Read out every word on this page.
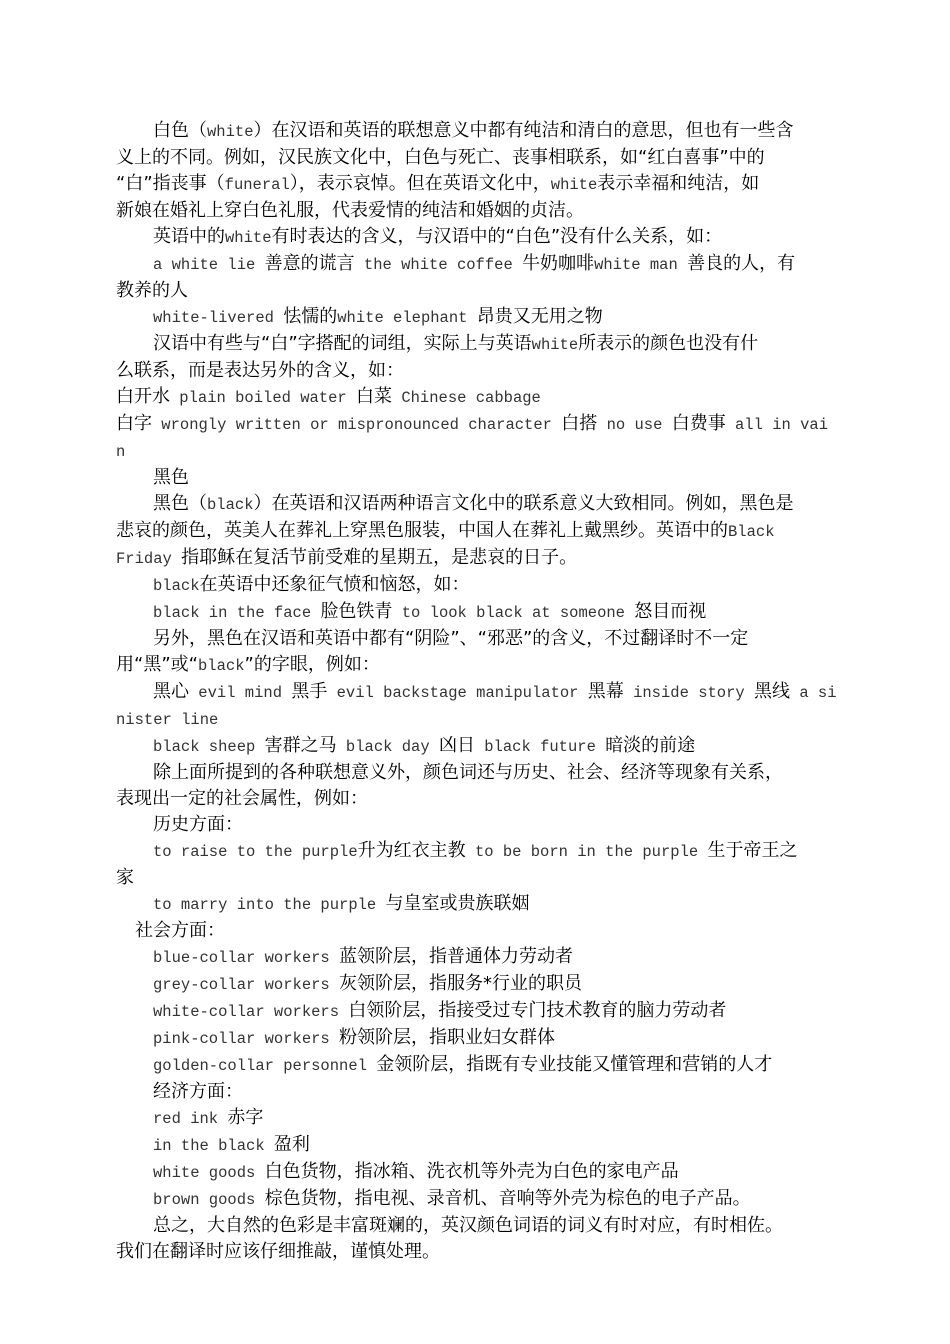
白色（white）在汉语和英语的联想意义中都有纯洁和清白的意思，但也有一些含

义上的不同。例如，汉民族文化中，白色与死亡、丧事相联系，如“红白喜事”中的

“白”指丧事（funeral），表示哀悼。但在英语文化中，white表示幸福和纯洁，如

新娘在婚礼上穿白色礼服，代表爱情的纯洁和婚姻的贞洁。

英语中的white有时表达的含义，与汉语中的“白色”没有什么关系，如：

a white lie 善意的谎言 the white coffee 牛奶咖啡white man 善良的人，有

教养的人

white-livered 怯懦的white elephant 昂贵又无用之物

汉语中有些与“白”字搭配的词组，实际上与英语white所表示的颜色也没有什

么联系，而是表达另外的含义，如：

白开水 plain boiled water 白菜 Chinese cabbage

白字 wrongly written or mispronounced character 白搭 no use 白费事 all in vai

n

黑色

黑色（black）在英语和汉语两种语言文化中的联系意义大致相同。例如，黑色是

悲哀的颜色，英美人在葬礼上穿黑色服装，中国人在葬礼上戴黑纱。英语中的Black

Friday 指耶稣在复活节前受难的星期五，是悲哀的日子。

black在英语中还象征气愤和恼怒，如：

black in the face 脸色铁青 to look black at someone 怒目而视

另外，黑色在汉语和英语中都有“阴险”、“邪恶”的含义，不过翻译时不一定

用“黑”或“black”的字眼，例如：

黑心 evil mind 黑手 evil backstage manipulator 黑幕 inside story 黑线 a si

nister line

black sheep 害群之马 black day 凶日 black future 暗淡的前途

除上面所提到的各种联想意义外，颜色词还与历史、社会、经济等现象有关系，

表现出一定的社会属性，例如：

历史方面：

to raise to the purple升为红衣主教 to be born in the purple 生于帝王之

家

to marry into the purple 与皇室或贵族联姻

社会方面：

blue-collar workers 蓝领阶层，指普通体力劳动者

grey-collar workers 灰领阶层，指服务*行业的职员

white-collar workers 白领阶层，指接受过专门技术教育的脑力劳动者

pink-collar workers 粉领阶层，指职业妇女群体

golden-collar personnel 金领阶层，指既有专业技能又懂管理和营销的人才

经济方面：

red ink 赤字

in the black 盈利

white goods 白色货物，指冰箱、洗衣机等外壳为白色的家电产品

brown goods 棕色货物，指电视、录音机、音响等外壳为棕色的电子产品。

总之，大自然的色彩是丰富斑斓的，英汉颜色词语的词义有时对应，有时相佐。

我们在翻译时应该仔细推敲，谨慎处理。
